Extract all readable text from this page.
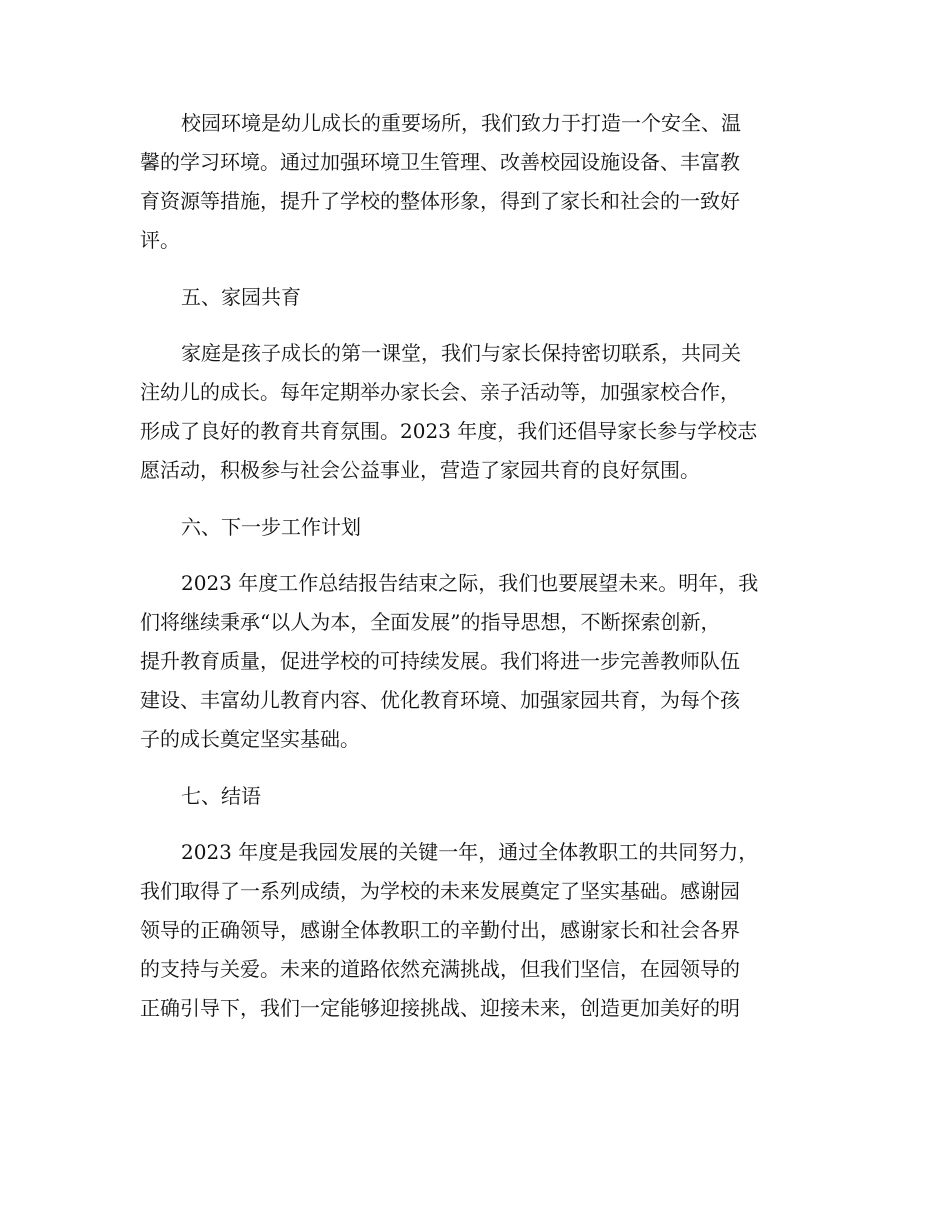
校园环境是幼儿成长的重要场所，我们致力于打造一个安全、温
馨的学习环境。通过加强环境卫生管理、改善校园设施设备、丰富教
育资源等措施，提升了学校的整体形象，得到了家长和社会的一致好
评。

五、家园共育

家庭是孩子成长的第一课堂，我们与家长保持密切联系，共同关
注幼儿的成长。每年定期举办家长会、亲子活动等，加强家校合作，
形成了良好的教育共育氛围。2023 年度，我们还倡导家长参与学校志
愿活动，积极参与社会公益事业，营造了家园共育的良好氛围。

六、下一步工作计划

2023 年度工作总结报告结束之际，我们也要展望未来。明年，我
们将继续秉承“以人为本，全面发展”的指导思想，不断探索创新，
提升教育质量，促进学校的可持续发展。我们将进一步完善教师队伍
建设、丰富幼儿教育内容、优化教育环境、加强家园共育，为每个孩
子的成长奠定坚实基础。

七、结语

2023 年度是我园发展的关键一年，通过全体教职工的共同努力，
我们取得了一系列成绩，为学校的未来发展奠定了坚实基础。感谢园
领导的正确领导，感谢全体教职工的辛勤付出，感谢家长和社会各界
的支持与关爱。未来的道路依然充满挑战，但我们坚信，在园领导的
正确引导下，我们一定能够迎接挑战、迎接未来，创造更加美好的明
